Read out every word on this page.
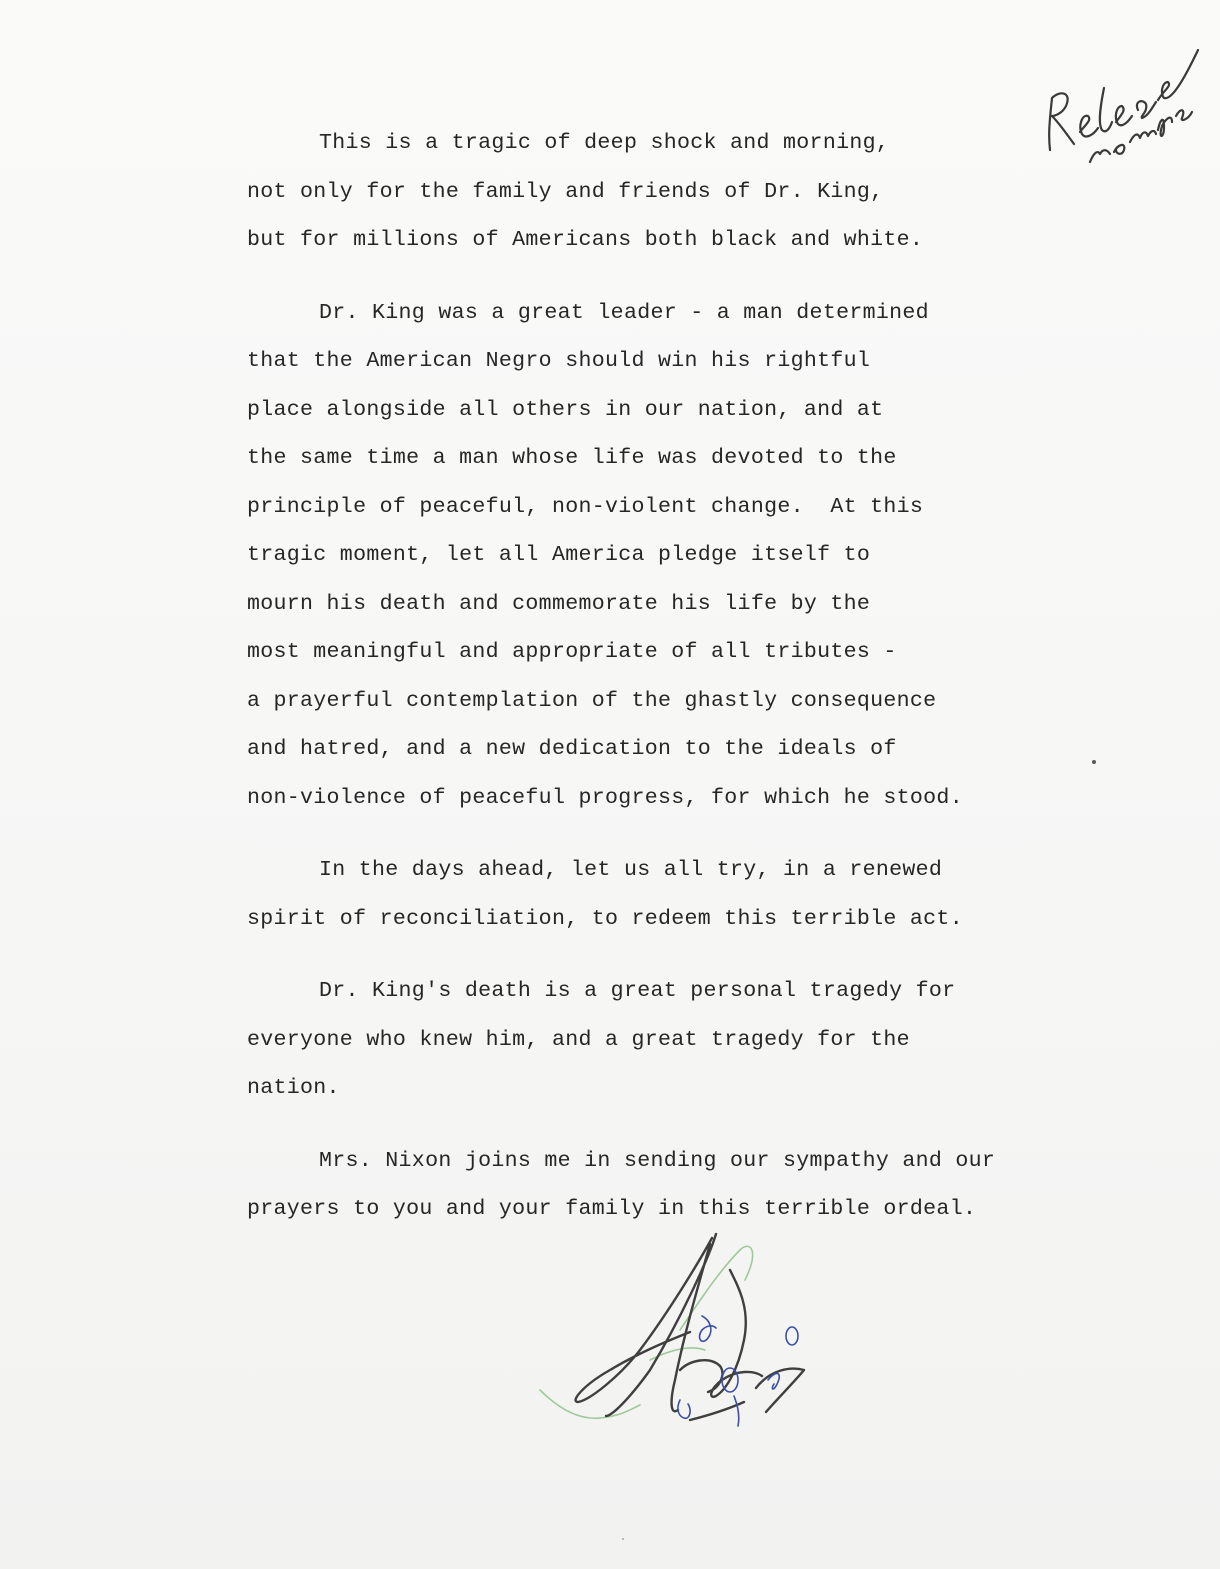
This is a tragic of deep shock and morning,
not only for the family and friends of Dr. King,
but for millions of Americans both black and white.

Dr. King was a great leader - a man determined
that the American Negro should win his rightful
place alongside all others in our nation, and at
the same time a man whose life was devoted to the
principle of peaceful, non-violent change.  At this
tragic moment, let all America pledge itself to
mourn his death and commemorate his life by the
most meaningful and appropriate of all tributes -
a prayerful contemplation of the ghastly consequence
and hatred, and a new dedication to the ideals of
non-violence of peaceful progress, for which he stood.

In the days ahead, let us all try, in a renewed
spirit of reconciliation, to redeem this terrible act.

Dr. King's death is a great personal tragedy for
everyone who knew him, and a great tragedy for the
nation.

Mrs. Nixon joins me in sending our sympathy and our
prayers to you and your family in this terrible ordeal.
